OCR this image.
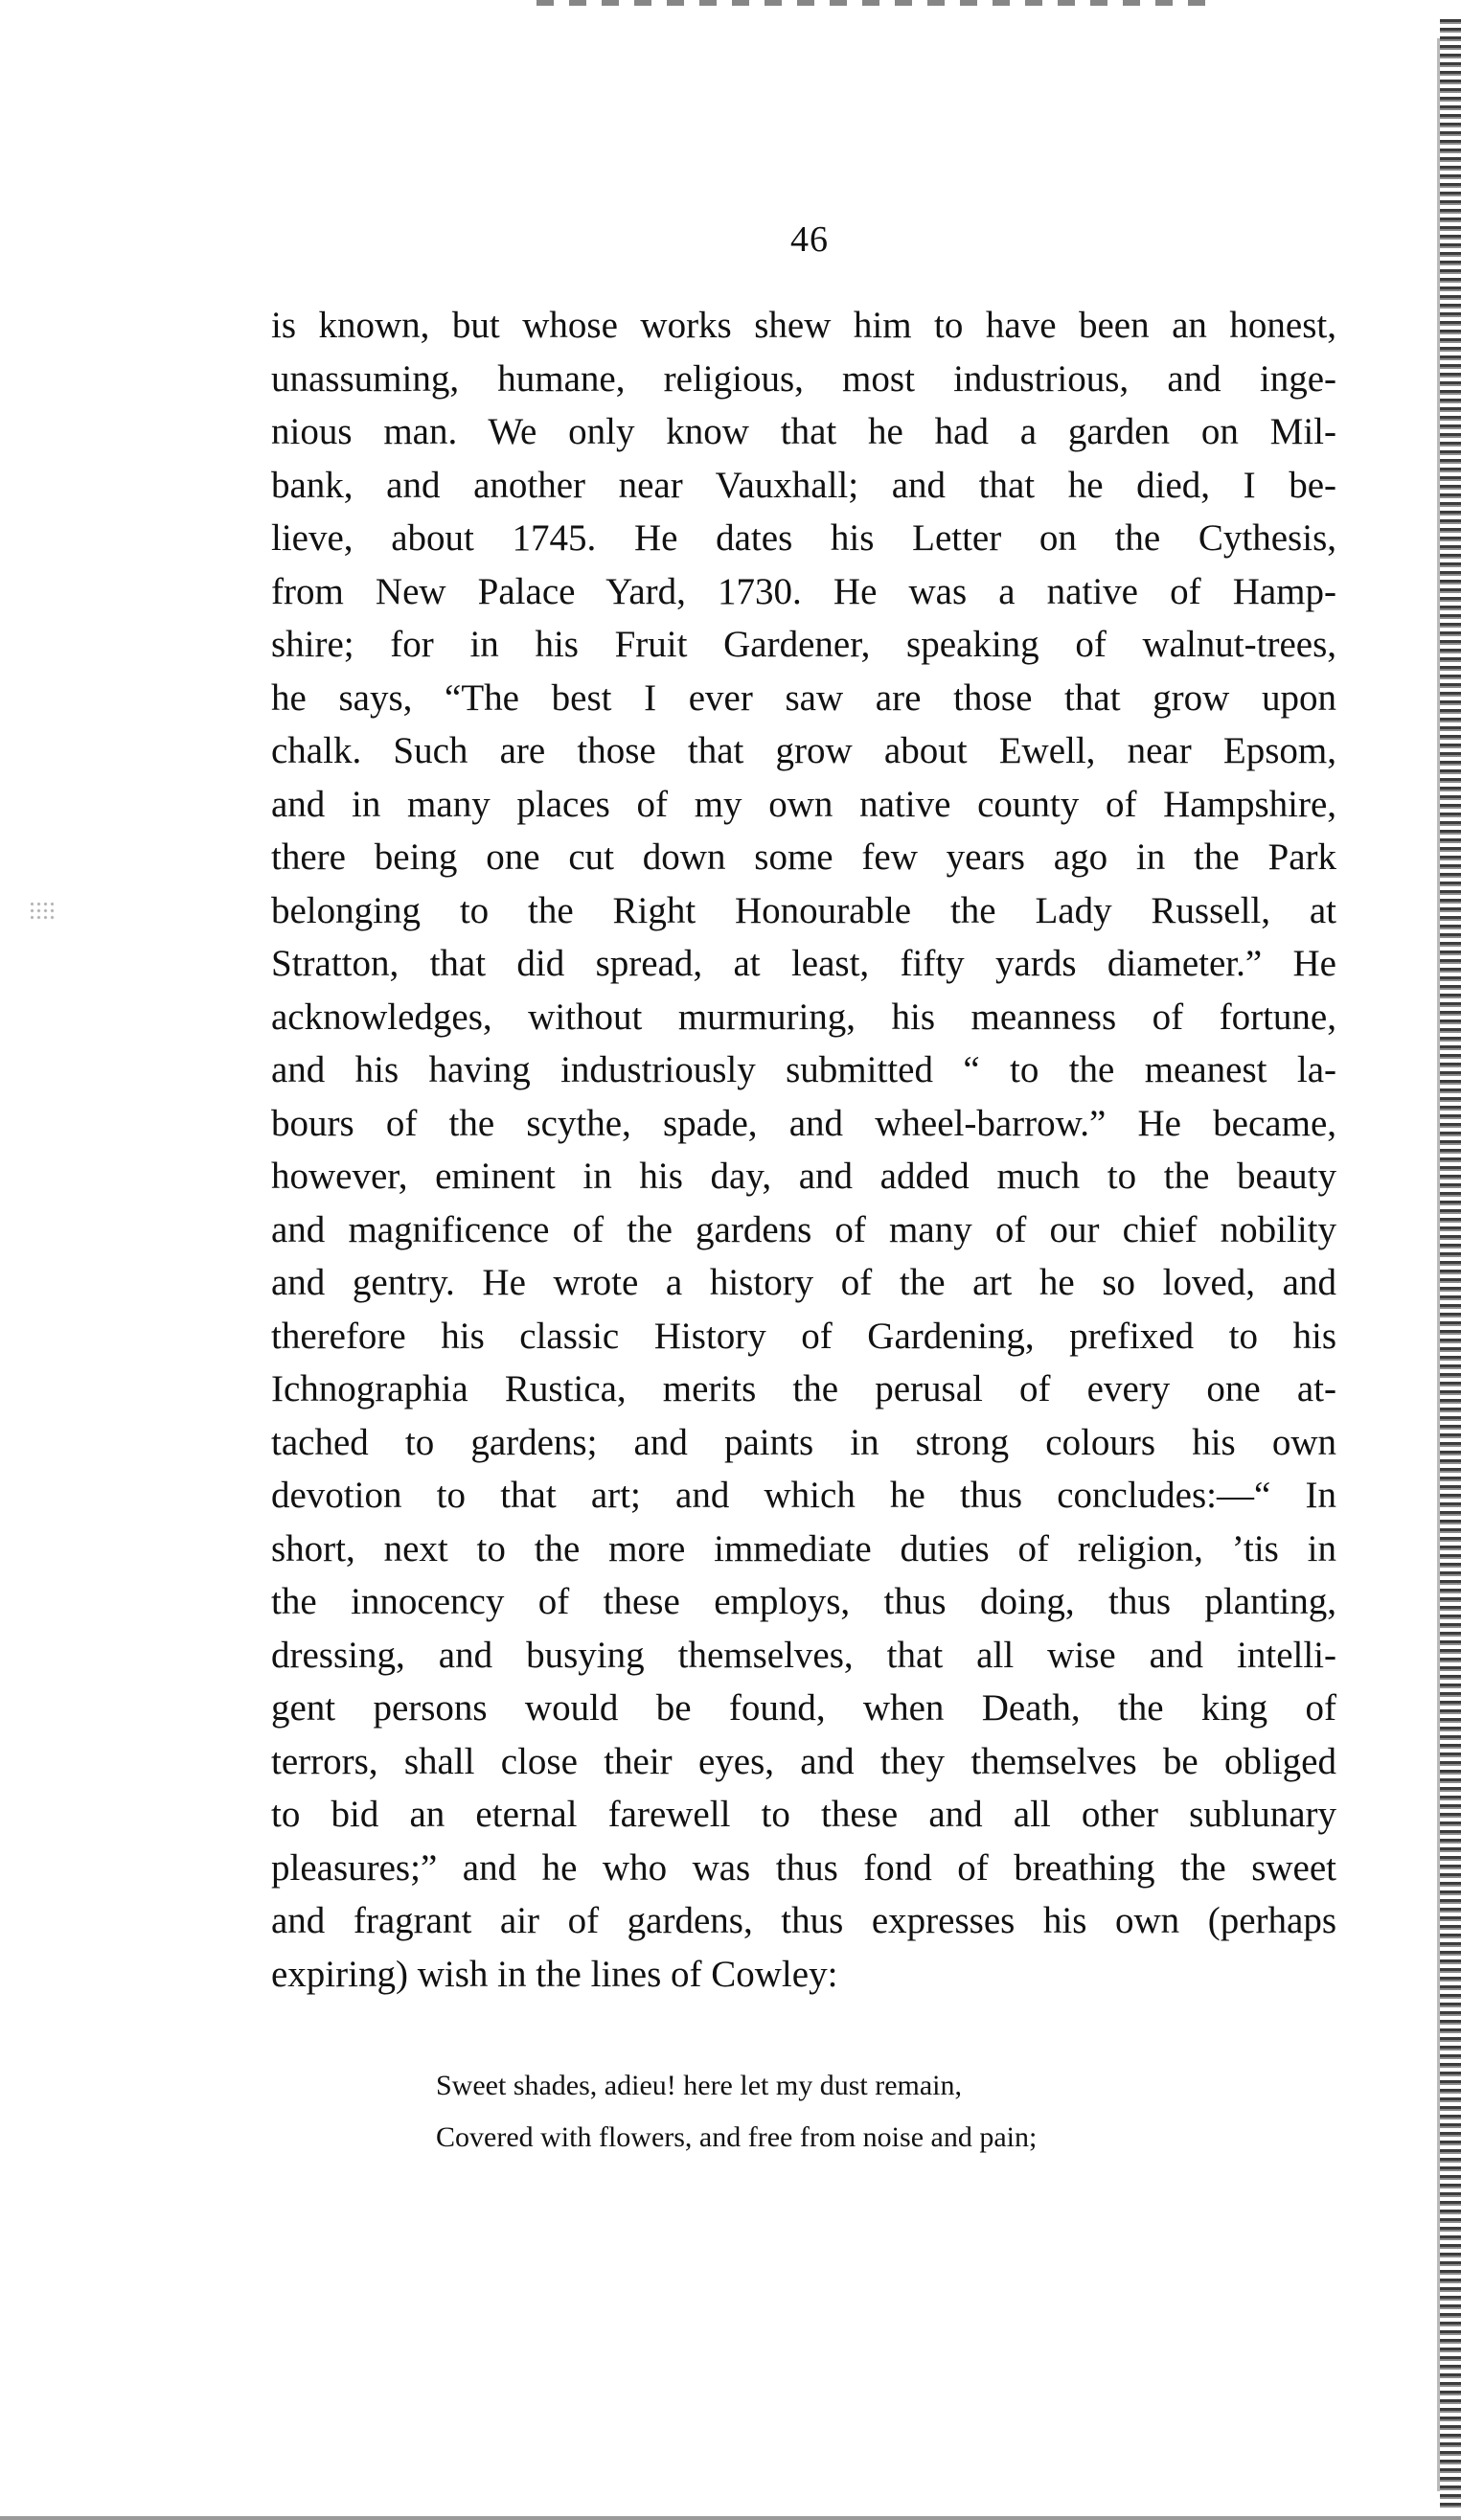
46
is known, but whose works shew him to have been an honest,
unassuming, humane, religious, most industrious, and inge-
nious man. We only know that he had a garden on Mil-
bank, and another near Vauxhall; and that he died, I be-
lieve, about 1745. He dates his Letter on the Cythesis,
from New Palace Yard, 1730. He was a native of Hamp-
shire; for in his Fruit Gardener, speaking of walnut-trees,
he says, “The best I ever saw are those that grow upon
chalk. Such are those that grow about Ewell, near Epsom,
and in many places of my own native county of Hampshire,
there being one cut down some few years ago in the Park
belonging to the Right Honourable the Lady Russell, at
Stratton, that did spread, at least, fifty yards diameter.” He
acknowledges, without murmuring, his meanness of fortune,
and his having industriously submitted “ to the meanest la-
bours of the scythe, spade, and wheel-barrow.” He became,
however, eminent in his day, and added much to the beauty
and magnificence of the gardens of many of our chief nobility
and gentry. He wrote a history of the art he so loved, and
therefore his classic History of Gardening, prefixed to his
Ichnographia Rustica, merits the perusal of every one at-
tached to gardens; and paints in strong colours his own
devotion to that art; and which he thus concludes:—“ In
short, next to the more immediate duties of religion, ’tis in
the innocency of these employs, thus doing, thus planting,
dressing, and busying themselves, that all wise and intelli-
gent persons would be found, when Death, the king of
terrors, shall close their eyes, and they themselves be obliged
to bid an eternal farewell to these and all other sublunary
pleasures;” and he who was thus fond of breathing the sweet
and fragrant air of gardens, thus expresses his own (perhaps
expiring) wish in the lines of Cowley:
Sweet shades, adieu! here let my dust remain,
Covered with flowers, and free from noise and pain;
